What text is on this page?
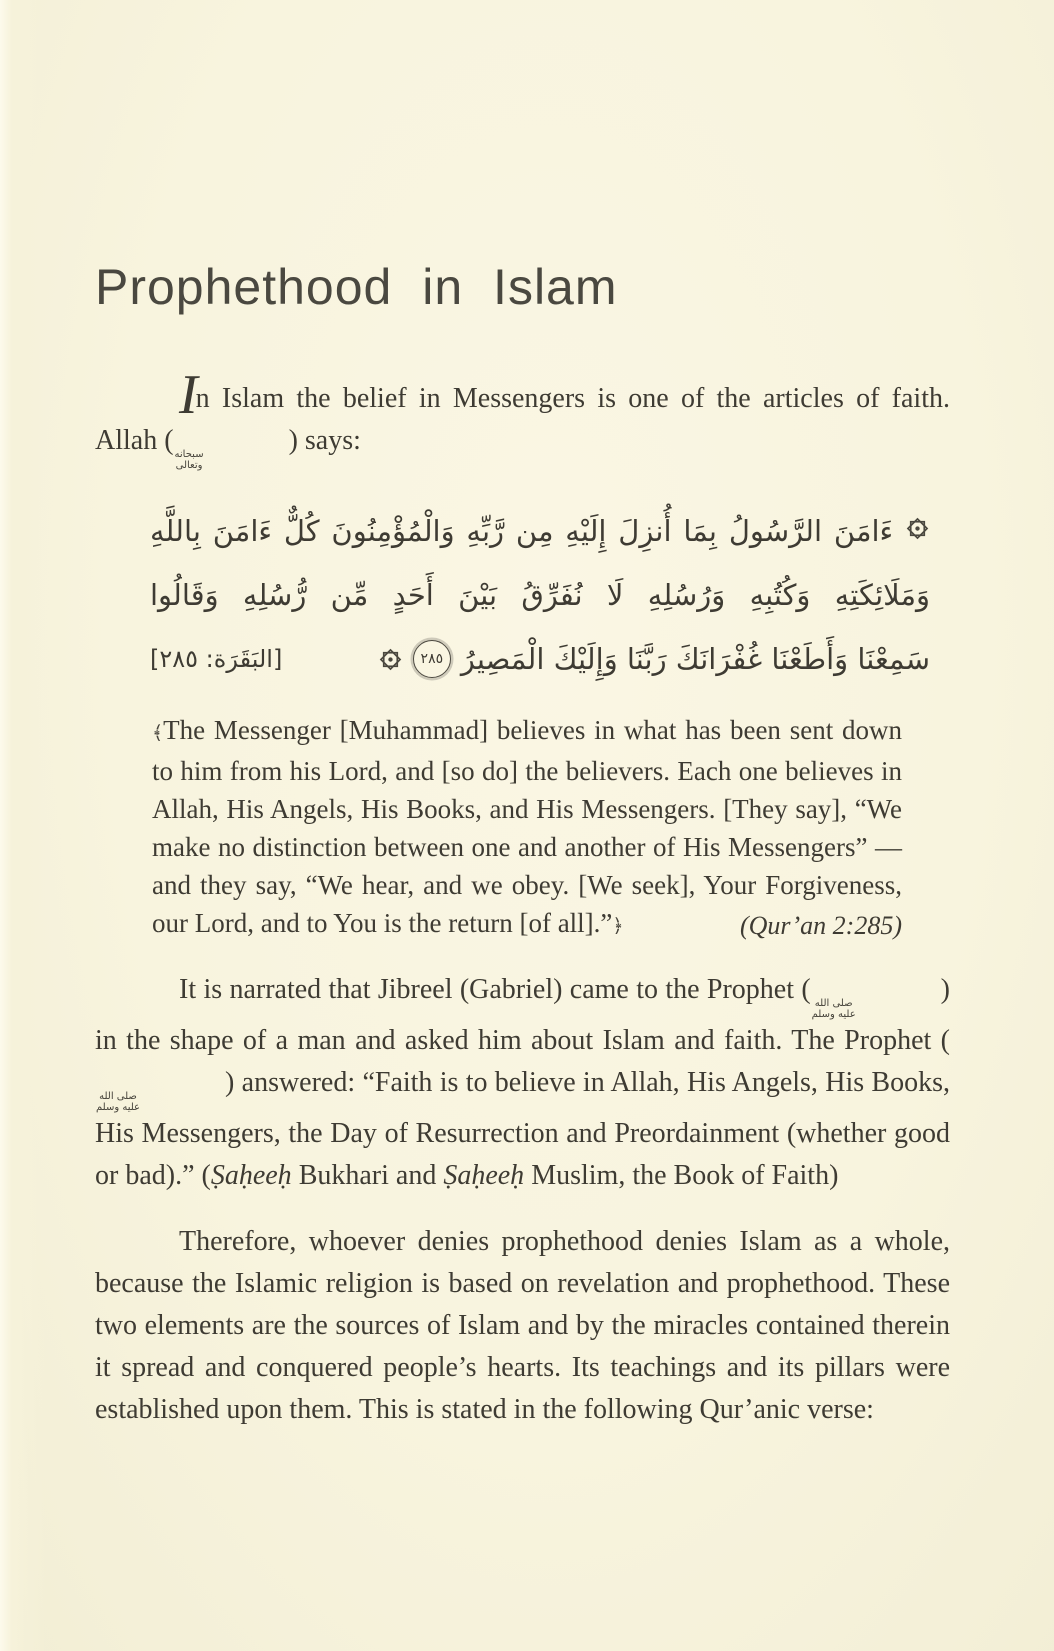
Prophethood in Islam

In Islam the belief in Messengers is one of the articles of faith. Allah ( سبحانه
وتعالى
) says:

ءَامَنَ الرَّسُولُ بِمَا أُنزِلَ إِلَيْهِ مِن رَّبِّهِ وَالْمُؤْمِنُونَ كُلٌّ ءَامَنَ بِاللَّهِ
وَمَلَائِكَتِهِ وَكُتُبِهِ وَرُسُلِهِ لَا نُفَرِّقُ بَيْنَ أَحَدٍ مِّن رُّسُلِهِ وَقَالُوا
سَمِعْنَا وَأَطَعْنَا غُفْرَانَكَ رَبَّنَا وَإِلَيْكَ الْمَصِيرُ
٢٨٥
[البَقَرَة: ٢٨٥]
﴾The Messenger [Muhammad] believes in what has been sent down to him from his Lord, and [so do] the believers. Each one believes in Allah, His Angels, His Books, and His Messengers. [They say], “We make no distinction between one and another of His Messengers” — and they say, “We hear, and we obey. [We seek], Your Forgiveness, our Lord, and to You is the return [of all].”﴿	(Qur’an 2:285)

It is narrated that Jibreel (Gabriel) came to the Prophet ( صلى الله
عليه وسلم
) in the shape of a man and asked him about Islam and faith. The Prophet (
صلى الله
عليه وسلم
) answered: “Faith is to believe in Allah, His Angels, His Books, His Messengers, the Day of Resurrection and Preordainment (whether good or bad).” (Ṣaḥeeḥ Bukhari and Ṣaḥeeḥ Muslim, the Book of Faith)

Therefore, whoever denies prophethood denies Islam as a whole, because the Islamic religion is based on revelation and prophethood. These two elements are the sources of Islam and by the miracles contained therein it spread and conquered people’s hearts. Its teachings and its pillars were established upon them. This is stated in the following Qur’anic verse:
